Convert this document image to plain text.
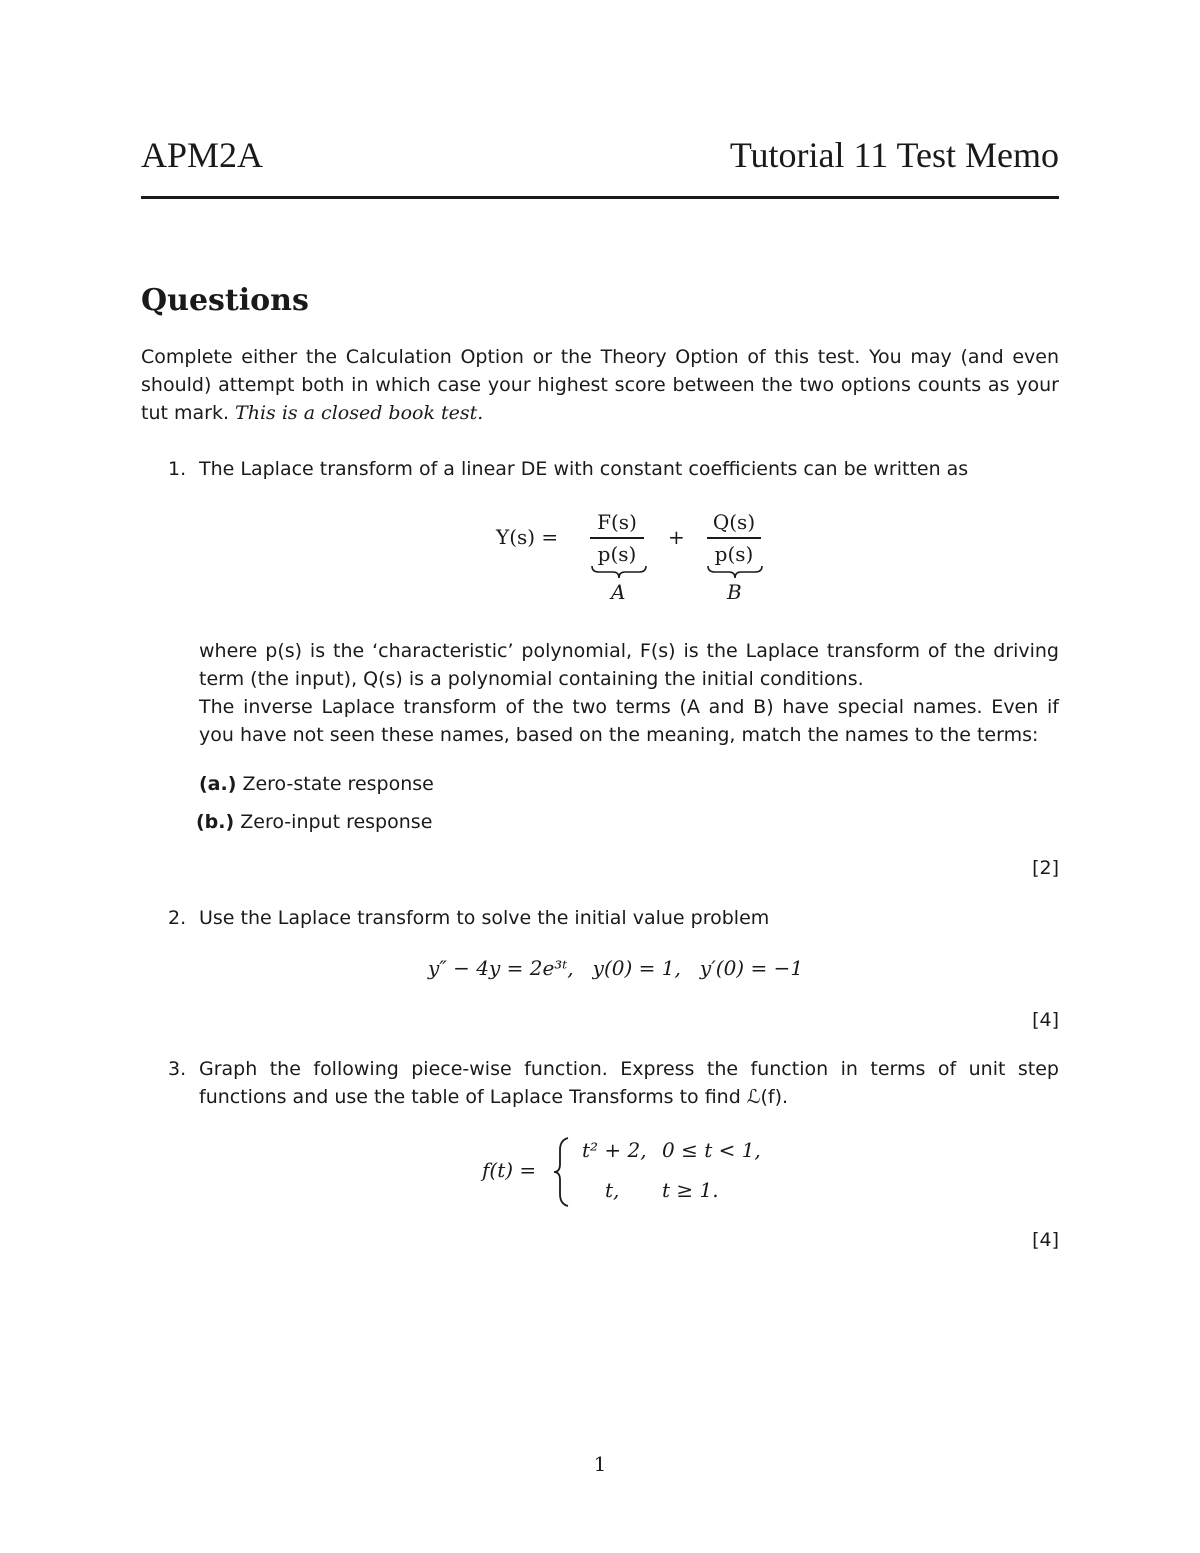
APM2A	Tutorial 11 Test Memo
Questions
Complete either the Calculation Option or the Theory Option of this test. You may (and even should) attempt both in which case your highest score between the two options counts as your tut mark. This is a closed book test.
1. The Laplace transform of a linear DE with constant coefficients can be written as
Y(s) =
F(s)
p(s)
A
+
Q(s)
p(s)
B
where p(s) is the ‘characteristic’ polynomial, F(s) is the Laplace transform of the driving term (the input), Q(s) is a polynomial containing the initial conditions.
The inverse Laplace transform of the two terms (A and B) have special names. Even if you have not seen these names, based on the meaning, match the names to the terms:
(a.) Zero-state response
(b.) Zero-input response
[2]
2. Use the Laplace transform to solve the initial value problem
y″ − 4y = 2e³ᵗ,   y(0) = 1,   y′(0) = −1
[4]
3. Graph the following piece-wise function. Express the function in terms of unit step functions and use the table of Laplace Transforms to find ℒ(f).
f(t) =
t² + 2, 0 ≤ t < 1,
t, t ≥ 1.
[4]
1
